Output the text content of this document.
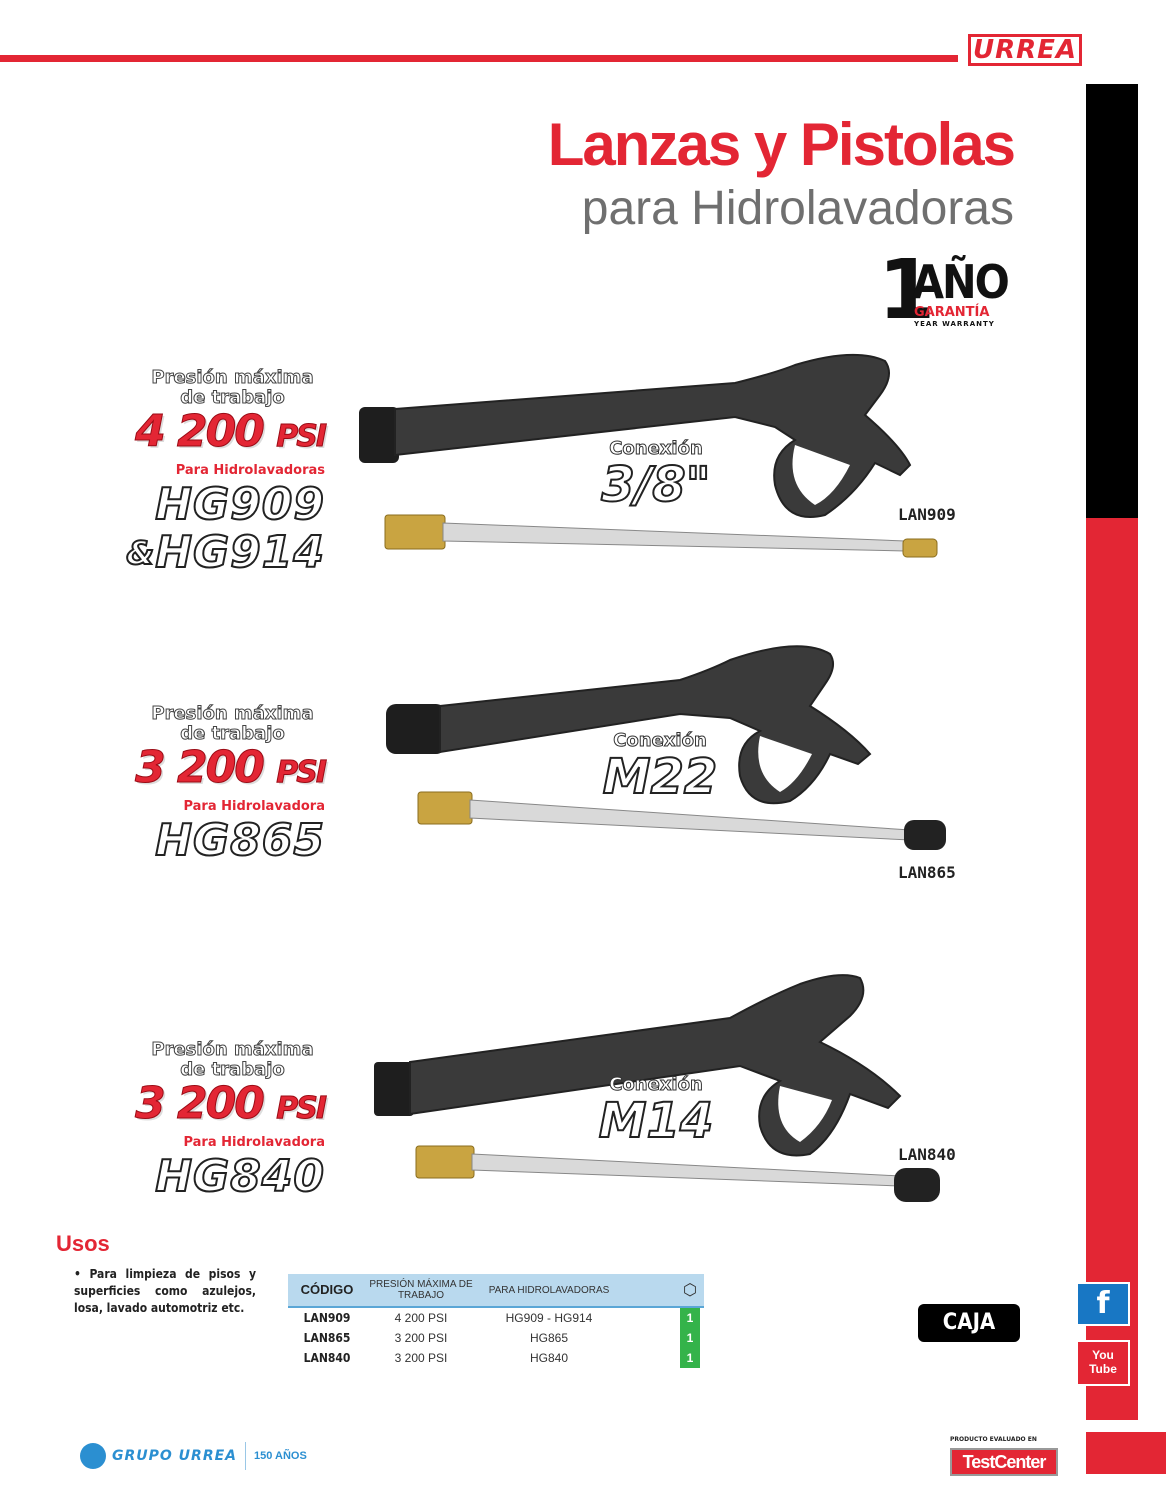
URREA
f
You
Tube
Lanzas y Pistolas
para Hidrolavadoras
1
AÑO
GARANTÍA
YEAR WARRANTY
Presión máxima de trabajo
4 200 PSI
Para Hidrolavadoras
HG909
&HG914
Conexión
3/8"
LAN909
Presión máxima de trabajo
3 200 PSI
Para Hidrolavadora
HG865
Conexión
M22
LAN865
Presión máxima de trabajo
3 200 PSI
Para Hidrolavadora
HG840
Conexión
M14
LAN840
Usos
• Para limpieza de pisos y superficies como azulejos, losa, lavado automotriz etc.
CÓDIGO	PRESIÓN MÁXIMA DE TRABAJO	PARA HIDROLAVADORAS	⬡
LAN909	4 200 PSI	HG909 - HG914	1
LAN865	3 200 PSI	HG865	1
LAN840	3 200 PSI	HG840	1
CAJA
GRUPO URREA 150 AÑOS
PRODUCTO EVALUADO EN
TestCenter
